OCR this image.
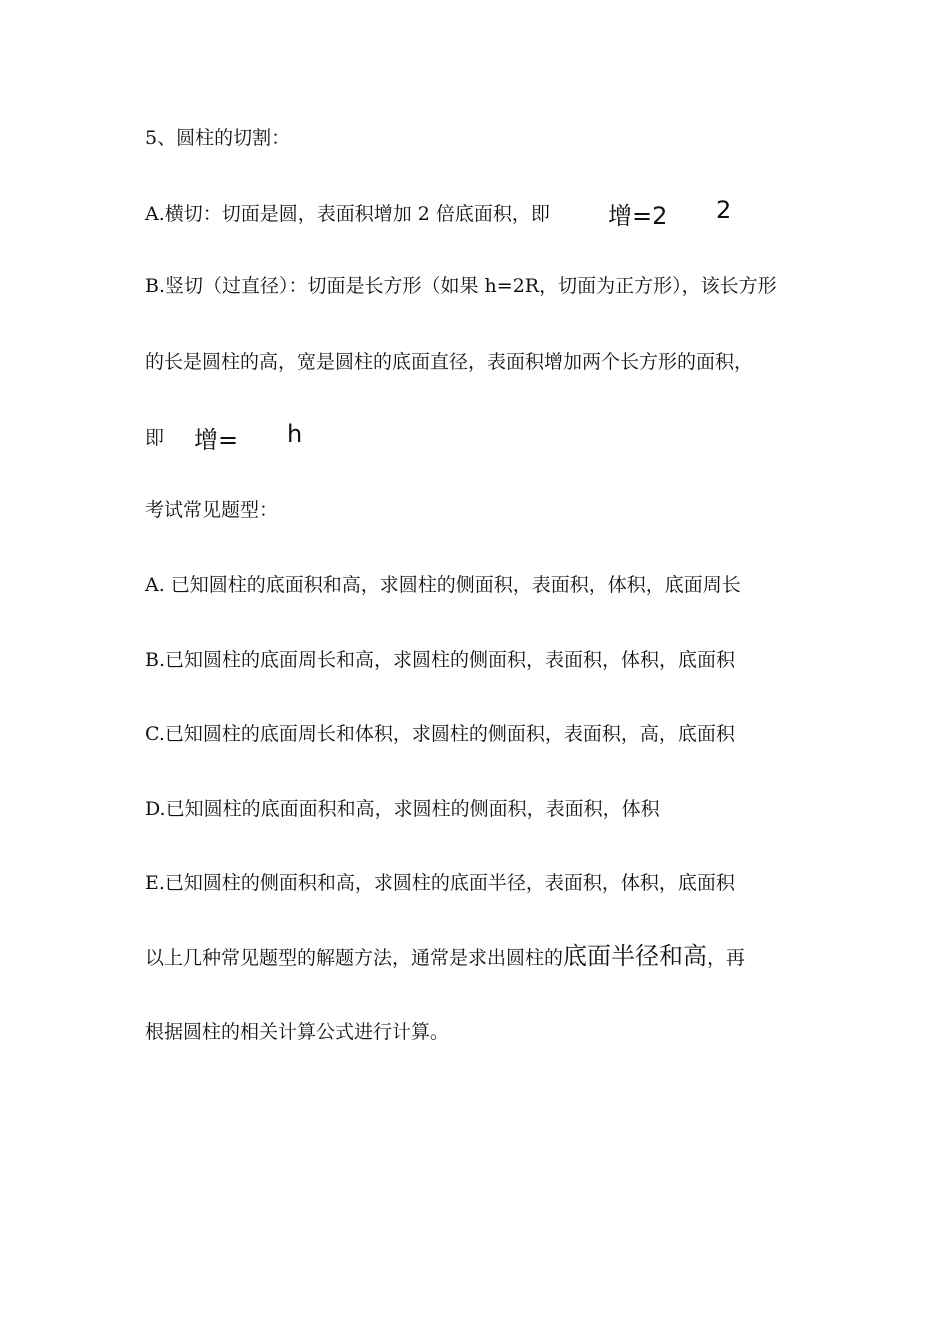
5、圆柱的切割：
A.横切：切面是圆，表面积增加 2 倍底面积，即 增=2 2
B.竖切（过直径）：切面是长方形（如果 h=2R，切面为正方形），该长方形
的长是圆柱的高，宽是圆柱的底面直径，表面积增加两个长方形的面积，
即 增= h
考试常见题型：
A. 已知圆柱的底面积和高，求圆柱的侧面积，表面积，体积，底面周长
B.已知圆柱的底面周长和高，求圆柱的侧面积，表面积，体积，底面积
C.已知圆柱的底面周长和体积，求圆柱的侧面积，表面积，高，底面积
D.已知圆柱的底面面积和高，求圆柱的侧面积，表面积，体积
E.已知圆柱的侧面积和高，求圆柱的底面半径，表面积，体积，底面积
以上几种常见题型的解题方法，通常是求出圆柱的底面半径和高，再
根据圆柱的相关计算公式进行计算。
